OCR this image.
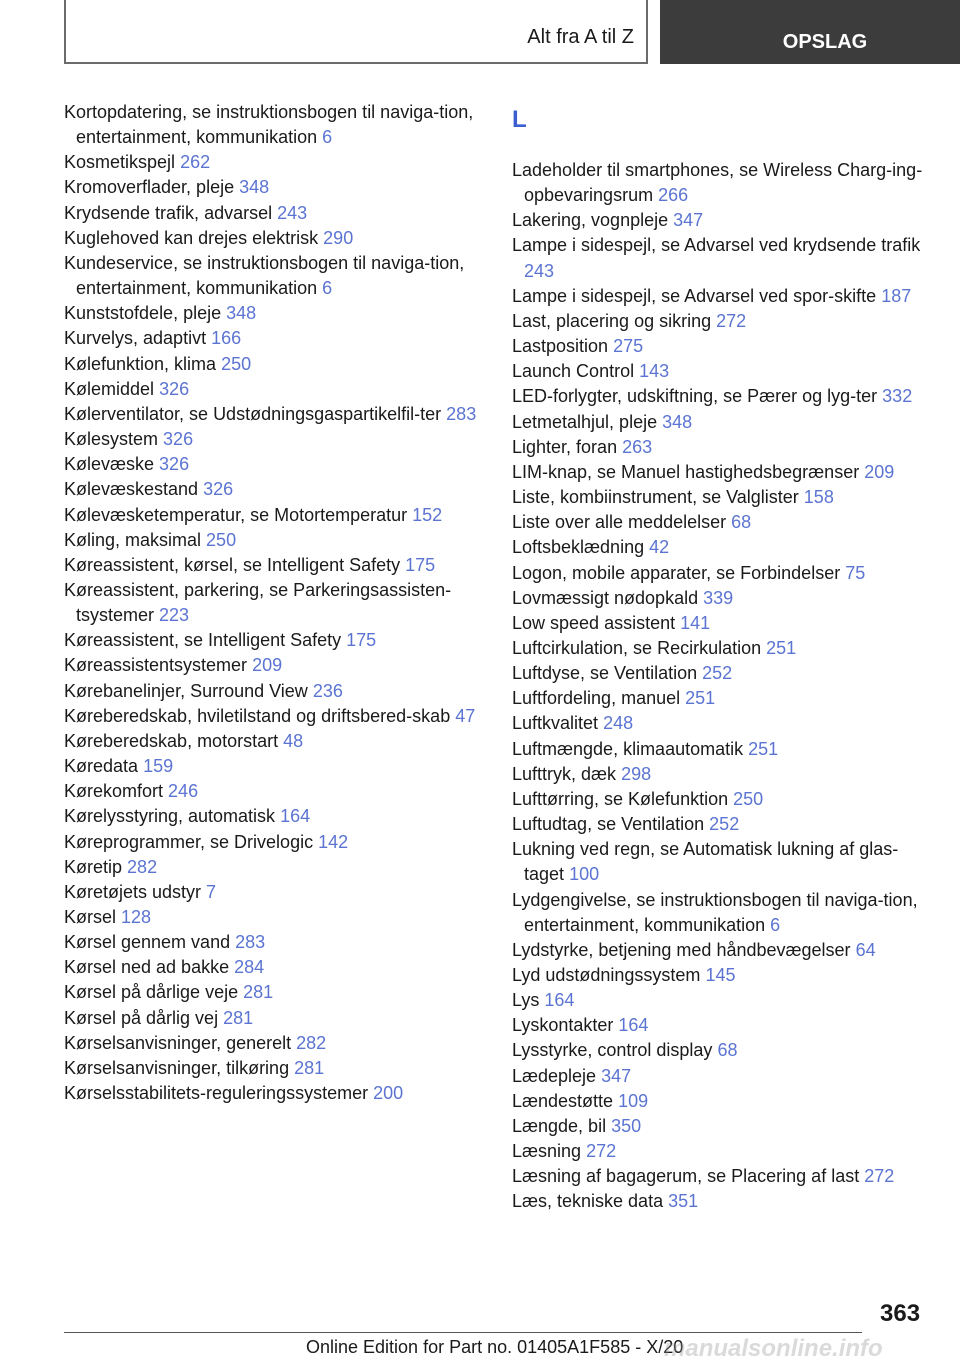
Alt fra A til Z	OPSLAG
Kortopdatering, se instruktionsbogen til naviga-tion, entertainment, kommunikation 6
Kosmetikspejl 262
Kromoverflader, pleje 348
Krydsende trafik, advarsel 243
Kuglehoved kan drejes elektrisk 290
Kundeservice, se instruktionsbogen til naviga-tion, entertainment, kommunikation 6
Kunststofdele, pleje 348
Kurvelys, adaptivt 166
Kølefunktion, klima 250
Kølemiddel 326
Kølerventilator, se Udstødningsgaspartikelfil-ter 283
Kølesystem 326
Kølevæske 326
Kølevæskestand 326
Kølevæsketemperatur, se Motortemperatur 152
Køling, maksimal 250
Køreassistent, kørsel, se Intelligent Safety 175
Køreassistent, parkering, se Parkeringsassisten-tsystemer 223
Køreassistent, se Intelligent Safety 175
Køreassistentsystemer 209
Kørebanelinjer, Surround View 236
Køreberedskab, hviletilstand og driftsbered-skab 47
Køreberedskab, motorstart 48
Køredata 159
Kørekomfort 246
Kørelysstyring, automatisk 164
Køreprogrammer, se Drivelogic 142
Køretip 282
Køretøjets udstyr 7
Kørsel 128
Kørsel gennem vand 283
Kørsel ned ad bakke 284
Kørsel på dårlige veje 281
Kørsel på dårlig vej 281
Kørselsanvisninger, generelt 282
Kørselsanvisninger, tilkøring 281
Kørselsstabilitets-reguleringssystemer 200
L
Ladeholder til smartphones, se Wireless Charg-ing-opbevaringsrum 266
Lakering, vognpleje 347
Lampe i sidespejl, se Advarsel ved krydsende trafik 243
Lampe i sidespejl, se Advarsel ved spor-skifte 187
Last, placering og sikring 272
Lastposition 275
Launch Control 143
LED-forlygter, udskiftning, se Pærer og lyg-ter 332
Letmetalhjul, pleje 348
Lighter, foran 263
LIM-knap, se Manuel hastighedsbegrænser 209
Liste, kombiinstrument, se Valglister 158
Liste over alle meddelelser 68
Loftsbeklædning 42
Logon, mobile apparater, se Forbindelser 75
Lovmæssigt nødopkald 339
Low speed assistent 141
Luftcirkulation, se Recirkulation 251
Luftdyse, se Ventilation 252
Luftfordeling, manuel 251
Luftkvalitet 248
Luftmængde, klimaautomatik 251
Lufttryk, dæk 298
Lufttørring, se Kølefunktion 250
Luftudtag, se Ventilation 252
Lukning ved regn, se Automatisk lukning af glas-taget 100
Lydgengivelse, se instruktionsbogen til naviga-tion, entertainment, kommunikation 6
Lydstyrke, betjening med håndbevægelser 64
Lyd udstødningssystem 145
Lys 164
Lyskontakter 164
Lysstyrke, control display 68
Lædepleje 347
Lændestøtte 109
Længde, bil 350
Læsning 272
Læsning af bagagerum, se Placering af last 272
Læs, tekniske data 351
363
Online Edition for Part no. 01405A1F585 - X/20
manualsonline.info
